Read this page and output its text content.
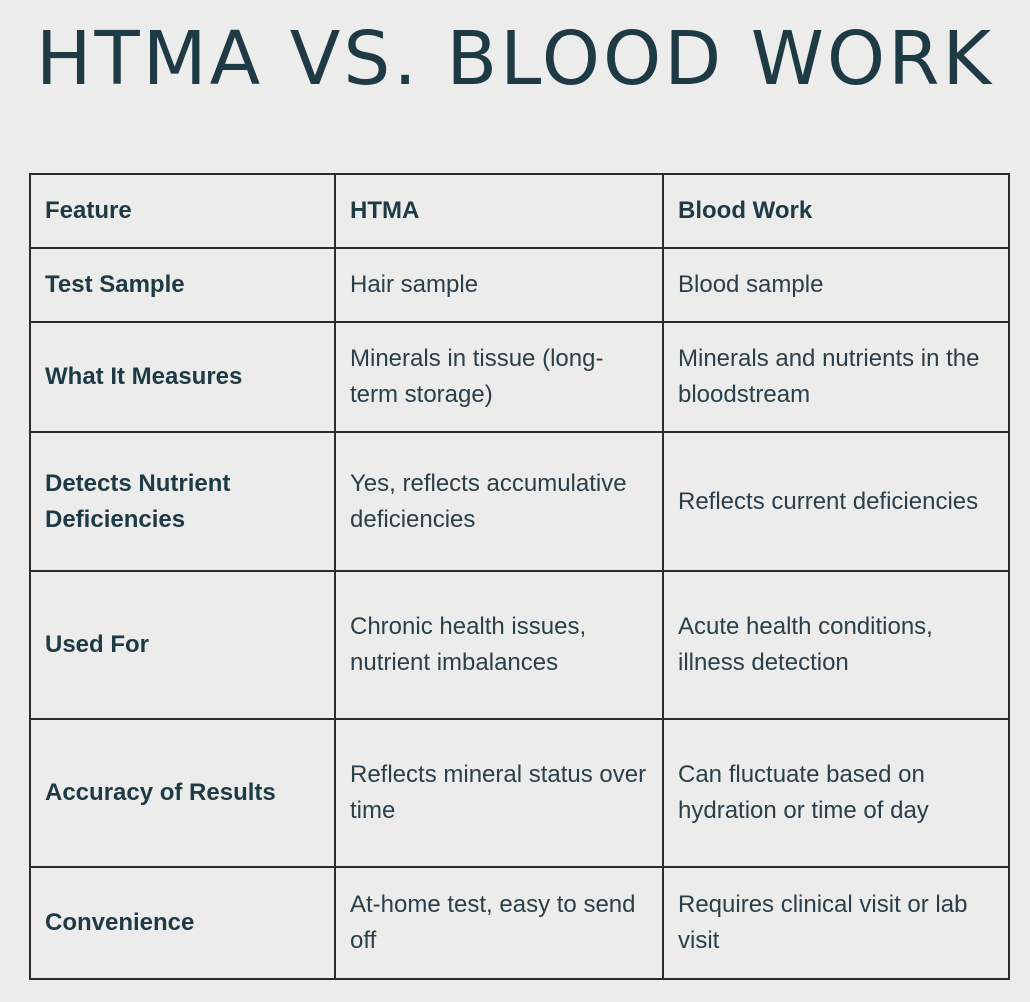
HTMA VS. BLOOD WORK
Feature	HTMA	Blood Work
Test Sample	Hair sample	Blood sample
What It Measures	Minerals in tissue (long-term storage)	Minerals and nutrients in the bloodstream
Detects Nutrient Deficiencies	Yes, reflects accumulative deficiencies	Reflects current deficiencies
Used For	Chronic health issues, nutrient imbalances	Acute health conditions, illness detection
Accuracy of Results	Reflects mineral status over time	Can fluctuate based on hydration or time of day
Convenience	At-home test, easy to send off	Requires clinical visit or lab visit
